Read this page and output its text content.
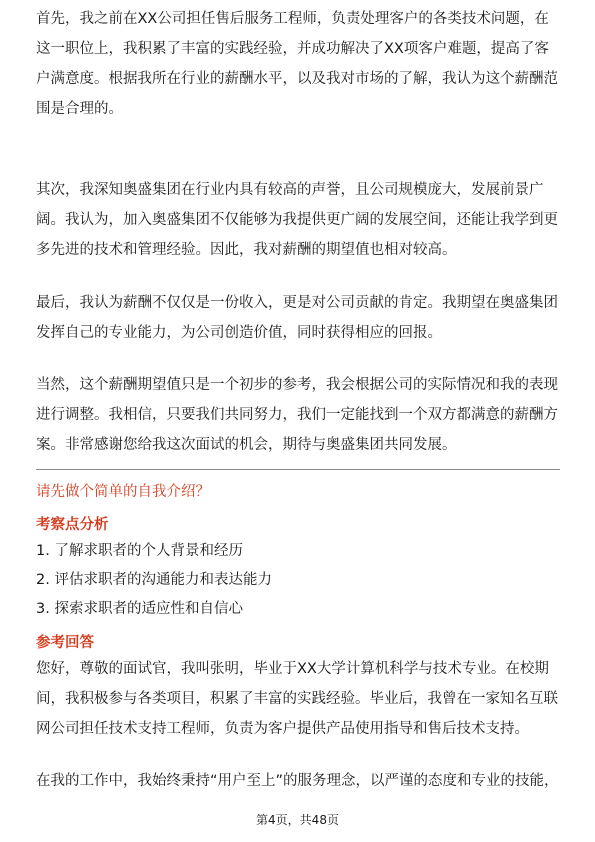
首先，我之前在XX公司担任售后服务工程师，负责处理客户的各类技术问题，在这一职位上，我积累了丰富的实践经验，并成功解决了XX项客户难题，提高了客户满意度。根据我所在行业的薪酬水平，以及我对市场的了解，我认为这个薪酬范围是合理的。

其次，我深知奥盛集团在行业内具有较高的声誉，且公司规模庞大，发展前景广阔。我认为，加入奥盛集团不仅能够为我提供更广阔的发展空间，还能让我学到更多先进的技术和管理经验。因此，我对薪酬的期望值也相对较高。

最后，我认为薪酬不仅仅是一份收入，更是对公司贡献的肯定。我期望在奥盛集团发挥自己的专业能力，为公司创造价值，同时获得相应的回报。

当然，这个薪酬期望值只是一个初步的参考，我会根据公司的实际情况和我的表现进行调整。我相信，只要我们共同努力，我们一定能找到一个双方都满意的薪酬方案。非常感谢您给我这次面试的机会，期待与奥盛集团共同发展。

请先做个简单的自我介绍？

考察点分析

1. 了解求职者的个人背景和经历
2. 评估求职者的沟通能力和表达能力
3. 探索求职者的适应性和自信心

参考回答

您好，尊敬的面试官，我叫张明，毕业于XX大学计算机科学与技术专业。在校期间，我积极参与各类项目，积累了丰富的实践经验。毕业后，我曾在一家知名互联网公司担任技术支持工程师，负责为客户提供产品使用指导和售后技术支持。

在我的工作中，我始终秉持“用户至上”的服务理念，以严谨的态度和专业的技能，

第4页，共48页
